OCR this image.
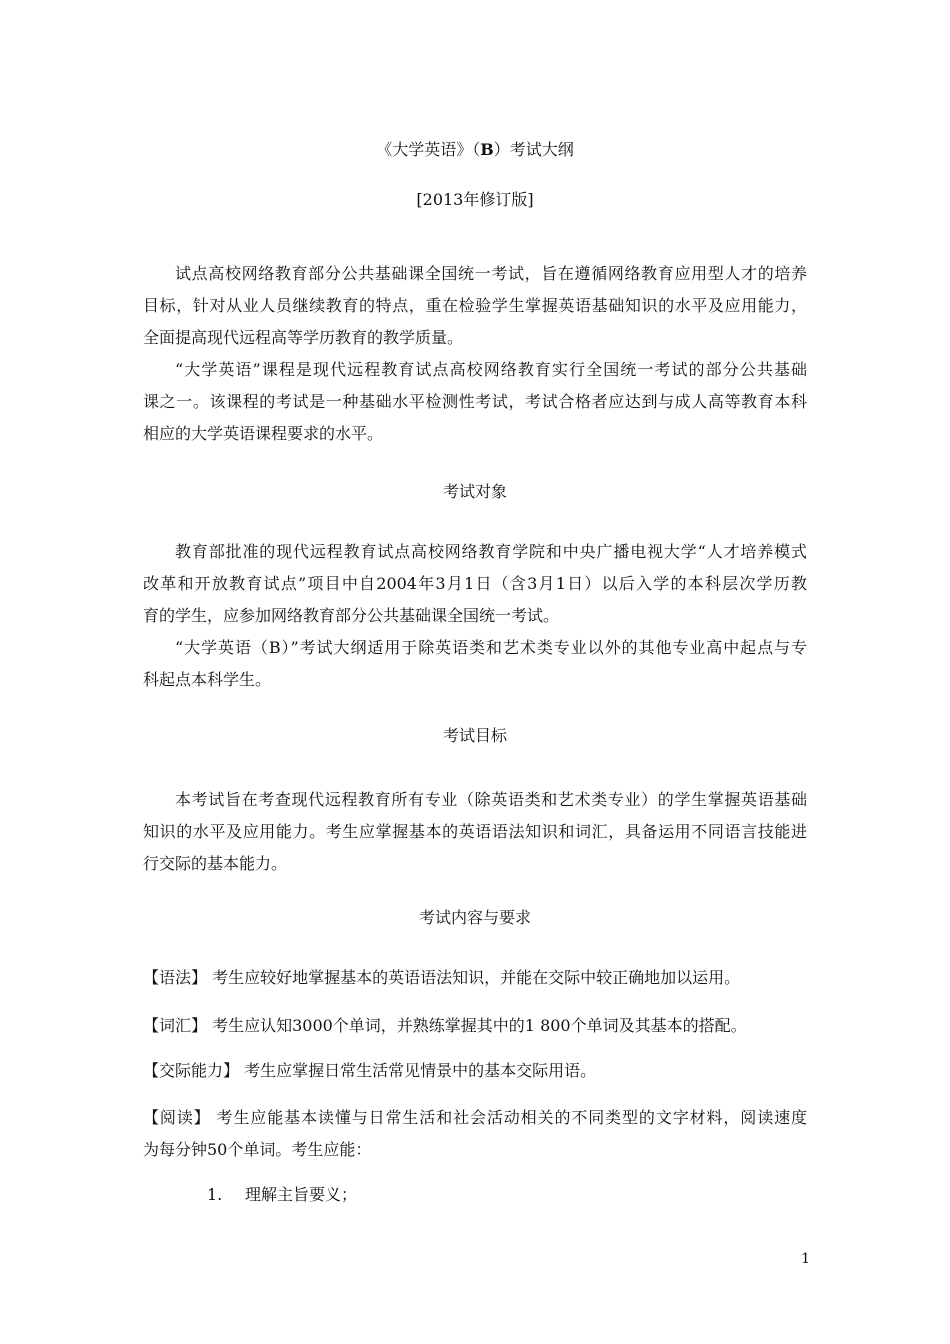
《大学英语》（B）考试大纲
[2013年修订版]
试点高校网络教育部分公共基础课全国统一考试，旨在遵循网络教育应用型人才的培养
目标，针对从业人员继续教育的特点，重在检验学生掌握英语基础知识的水平及应用能力，
全面提高现代远程高等学历教育的教学质量。
“大学英语”课程是现代远程教育试点高校网络教育实行全国统一考试的部分公共基础
课之一。该课程的考试是一种基础水平检测性考试，考试合格者应达到与成人高等教育本科
相应的大学英语课程要求的水平。
考试对象
教育部批准的现代远程教育试点高校网络教育学院和中央广播电视大学“人才培养模式
改革和开放教育试点”项目中自2004年3月1日（含3月1日）以后入学的本科层次学历教
育的学生，应参加网络教育部分公共基础课全国统一考试。
“大学英语（B）”考试大纲适用于除英语类和艺术类专业以外的其他专业高中起点与专
科起点本科学生。
考试目标
本考试旨在考查现代远程教育所有专业（除英语类和艺术类专业）的学生掌握英语基础
知识的水平及应用能力。考生应掌握基本的英语语法知识和词汇，具备运用不同语言技能进
行交际的基本能力。
考试内容与要求
【语法】 考生应较好地掌握基本的英语语法知识，并能在交际中较正确地加以运用。
【词汇】 考生应认知3000个单词，并熟练掌握其中的1 800个单词及其基本的搭配。
【交际能力】 考生应掌握日常生活常见情景中的基本交际用语。
【阅读】 考生应能基本读懂与日常生活和社会活动相关的不同类型的文字材料，阅读速度
为每分钟50个单词。考生应能：
1. 理解主旨要义；
1
